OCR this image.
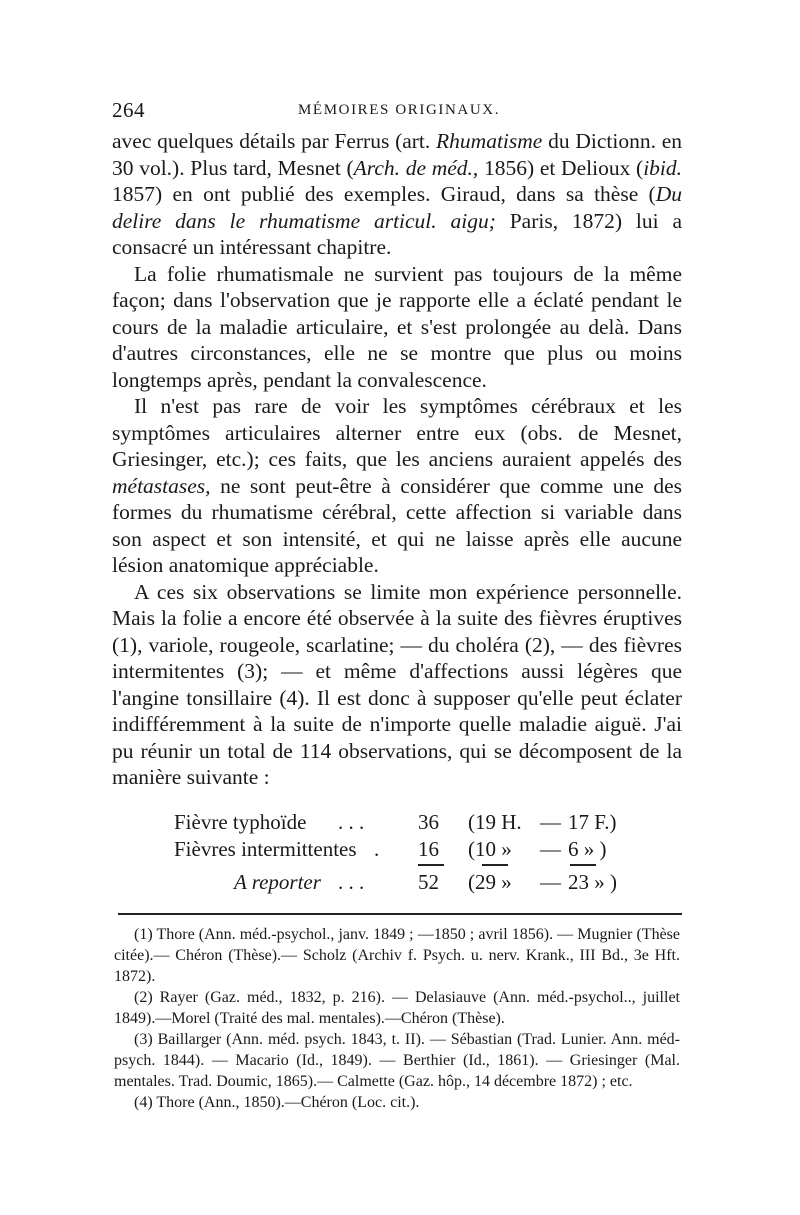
264	MÉMOIRES ORIGINAUX.

avec quelques détails par Ferrus (art. Rhumatisme du Dictionn. en 30 vol.). Plus tard, Mesnet (Arch. de méd., 1856) et Delioux (ibid. 1857) en ont publié des exemples. Giraud, dans sa thèse (Du delire dans le rhumatisme articul. aigu; Paris, 1872) lui a consacré un intéressant chapitre.

La folie rhumatismale ne survient pas toujours de la même façon; dans l'observation que je rapporte elle a éclaté pendant le cours de la maladie articulaire, et s'est prolongée au delà. Dans d'autres circonstances, elle ne se montre que plus ou moins longtemps après, pendant la convalescence.

Il n'est pas rare de voir les symptômes cérébraux et les symptômes articulaires alterner entre eux (obs. de Mesnet, Griesinger, etc.); ces faits, que les anciens auraient appelés des métastases, ne sont peut-être à considérer que comme une des formes du rhumatisme cérébral, cette affection si variable dans son aspect et son intensité, et qui ne laisse après elle aucune lésion anatomique appréciable.

A ces six observations se limite mon expérience personnelle. Mais la folie a encore été observée à la suite des fièvres éruptives (1), variole, rougeole, scarlatine; — du choléra (2), — des fièvres intermitentes (3); — et même d'affections aussi légères que l'angine tonsillaire (4). Il est donc à supposer qu'elle peut éclater indifféremment à la suite de n'importe quelle maladie aiguë. J'ai pu réunir un total de 114 observations, qui se décomposent de la manière suivante :

Fièvre typhoïde . . .	36 (19 H. — 17 F.)
Fièvres intermittentes . 16 (10 » — 6 » )
A reporter . . .	52 (29 » — 23 » )

(1) Thore (Ann. méd.-psychol., janv. 1849 ; —1850 ; avril 1856). — Mugnier (Thèse citée).— Chéron (Thèse).— Scholz (Archiv f. Psych. u. nerv. Krank., III Bd., 3e Hft. 1872).

(2) Rayer (Gaz. méd., 1832, p. 216). — Delasiauve (Ann. méd.-psychol.., juillet 1849).—Morel (Traité des mal. mentales).—Chéron (Thèse).

(3) Baillarger (Ann. méd. psych. 1843, t. II). — Sébastian (Trad. Lunier. Ann. méd-psych. 1844). — Macario (Id., 1849). — Berthier (Id., 1861). — Griesinger (Mal. mentales. Trad. Doumic, 1865).— Calmette (Gaz. hôp., 14 décembre 1872) ; etc.

(4) Thore (Ann., 1850).—Chéron (Loc. cit.).
